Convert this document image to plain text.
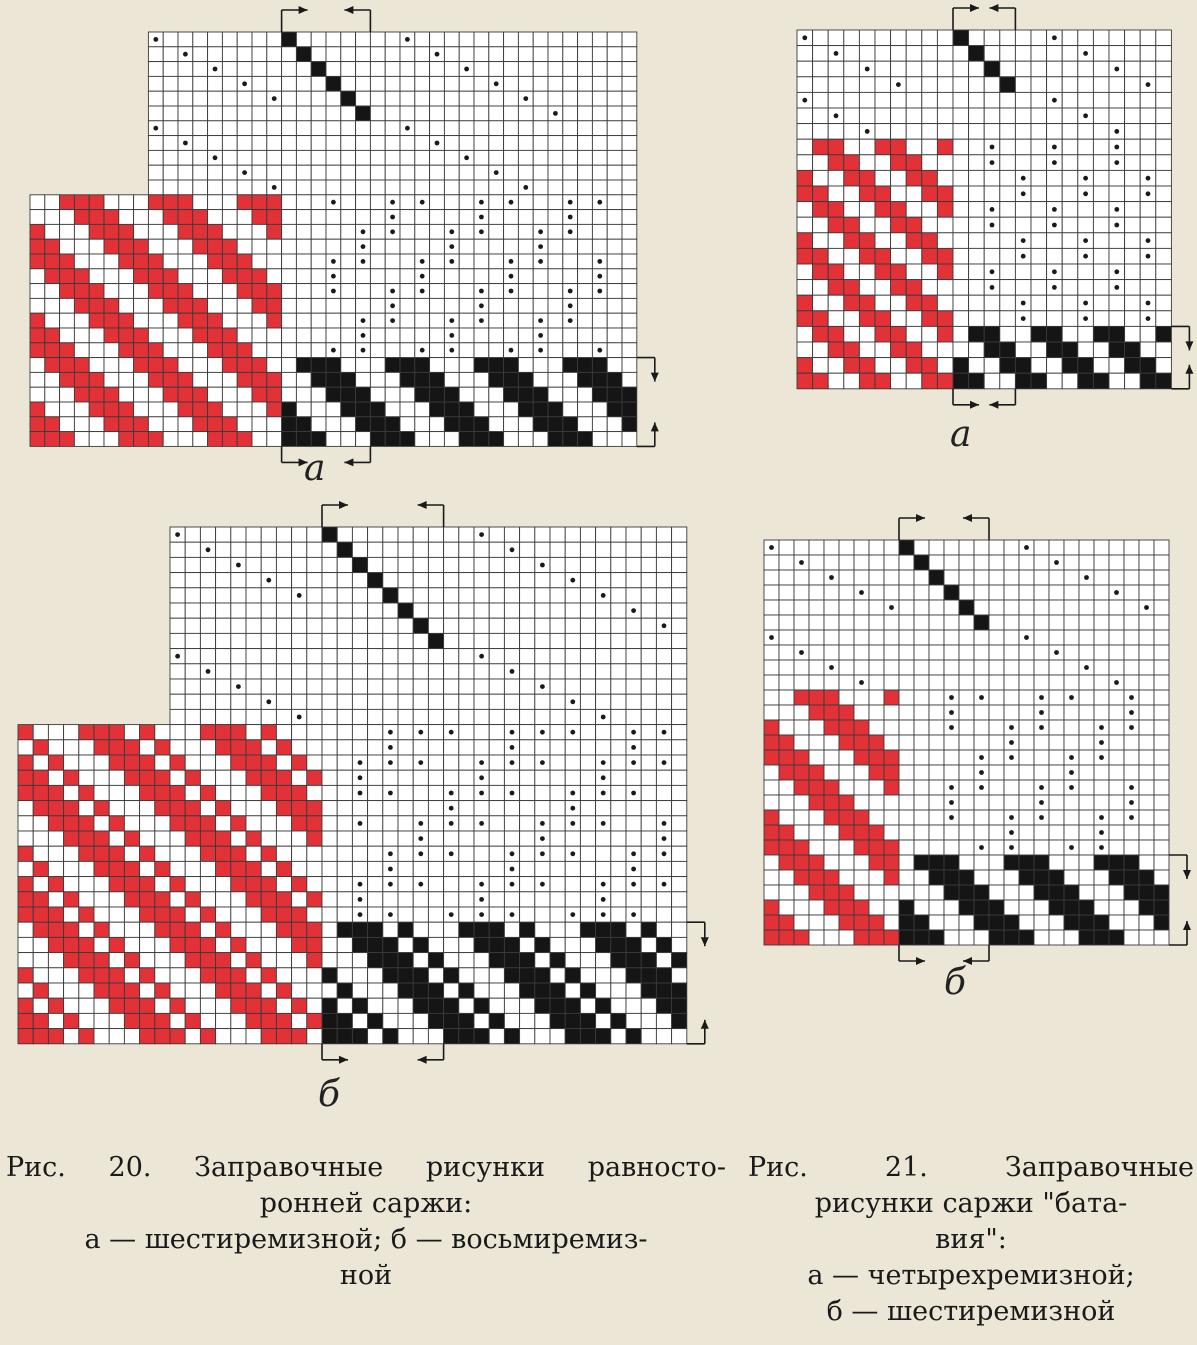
а
б
а
б
Рис. 20. Заправочные рисунки равносто-
ронней саржи:
а — шестиремизной; б — восьмиремиз-
ной
Рис. 21. Заправочные
рисунки саржи "бата-
вия":
а — четырехремизной;
б — шестиремизной
